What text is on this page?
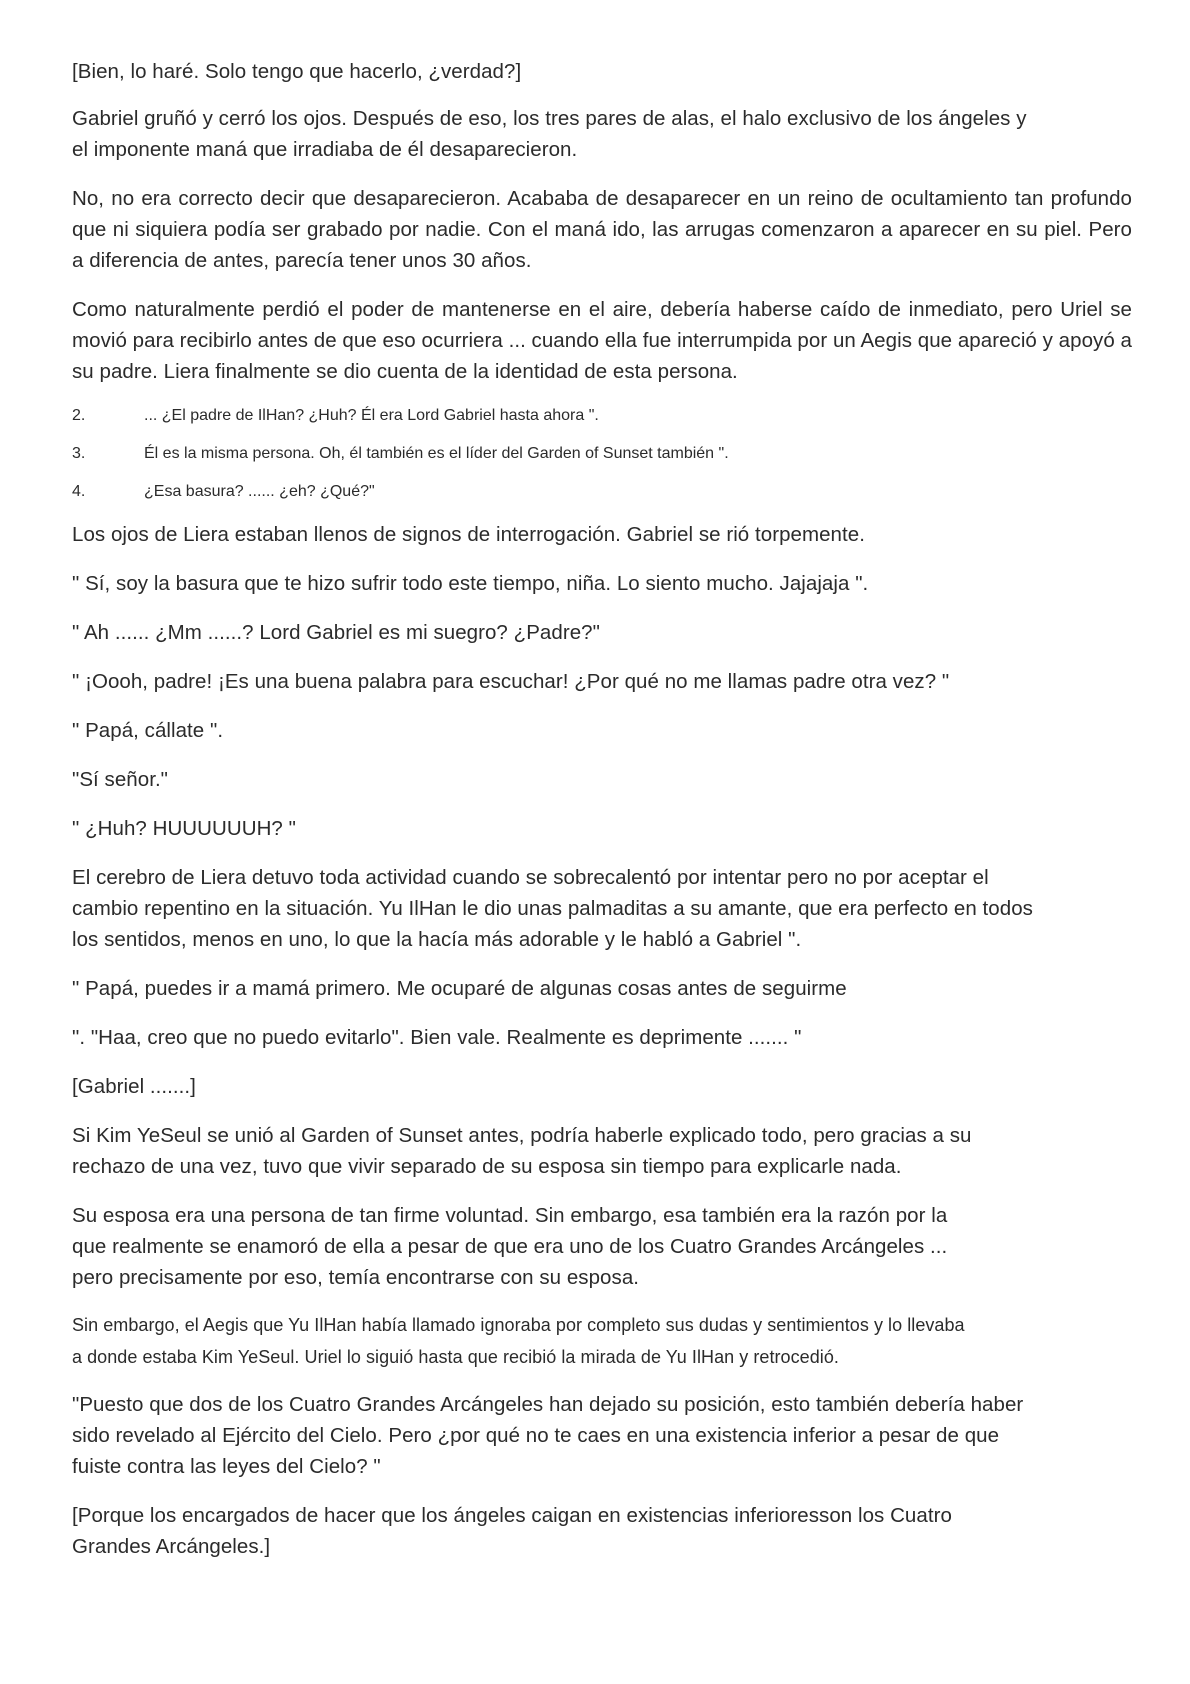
[Bien, lo haré. Solo tengo que hacerlo, ¿verdad?]

Gabriel gruñó y cerró los ojos. Después de eso, los tres pares de alas, el halo exclusivo de los ángeles y
el imponente maná que irradiaba de él desaparecieron.

No, no era correcto decir que desaparecieron. Acababa de desaparecer en un reino de ocultamiento tan profundo que ni siquiera podía ser grabado por nadie. Con el maná ido, las arrugas comenzaron a aparecer en su piel. Pero a diferencia de antes, parecía tener unos 30 años.

Como naturalmente perdió el poder de mantenerse en el aire, debería haberse caído de inmediato, pero Uriel se movió para recibirlo antes de que eso ocurriera ... cuando ella fue interrumpida por un Aegis que apareció y apoyó a su padre. Liera finalmente se dio cuenta de la identidad de esta persona.

2.	... ¿El padre de IlHan? ¿Huh? Él era Lord Gabriel hasta ahora ".
3.	Él es la misma persona. Oh, él también es el líder del Garden of Sunset también ".
4.	¿Esa basura? ...... ¿eh? ¿Qué?"

Los ojos de Liera estaban llenos de signos de interrogación. Gabriel se rió torpemente.

" Sí, soy la basura que te hizo sufrir todo este tiempo, niña. Lo siento mucho. Jajajaja ".

" Ah ...... ¿Mm ......? Lord Gabriel es mi suegro? ¿Padre?"

" ¡Oooh, padre! ¡Es una buena palabra para escuchar! ¿Por qué no me llamas padre otra vez? "

" Papá, cállate ".

"Sí señor."

" ¿Huh? HUUUUUUH? "

El cerebro de Liera detuvo toda actividad cuando se sobrecalentó por intentar pero no por aceptar el
cambio repentino en la situación. Yu IlHan le dio unas palmaditas a su amante, que era perfecto en todos
los sentidos, menos en uno, lo que la hacía más adorable y le habló a Gabriel ".

" Papá, puedes ir a mamá primero. Me ocuparé de algunas cosas antes de seguirme

". "Haa, creo que no puedo evitarlo". Bien vale. Realmente es deprimente ....... "

[Gabriel .......]

Si Kim YeSeul se unió al Garden of Sunset antes, podría haberle explicado todo, pero gracias a su
rechazo de una vez, tuvo que vivir separado de su esposa sin tiempo para explicarle nada.

Su esposa era una persona de tan firme voluntad. Sin embargo, esa también era la razón por la
que realmente se enamoró de ella a pesar de que era uno de los Cuatro Grandes Arcángeles ...
pero precisamente por eso, temía encontrarse con su esposa.

Sin embargo, el Aegis que Yu IlHan había llamado ignoraba por completo sus dudas y sentimientos y lo llevaba
a donde estaba Kim YeSeul. Uriel lo siguió hasta que recibió la mirada de Yu IlHan y retrocedió.

"Puesto que dos de los Cuatro Grandes Arcángeles han dejado su posición, esto también debería haber
sido revelado al Ejército del Cielo. Pero ¿por qué no te caes en una existencia inferior a pesar de que
fuiste contra las leyes del Cielo? "

[Porque los encargados de hacer que los ángeles caigan en existencias inferioresson los Cuatro
Grandes Arcángeles.]
